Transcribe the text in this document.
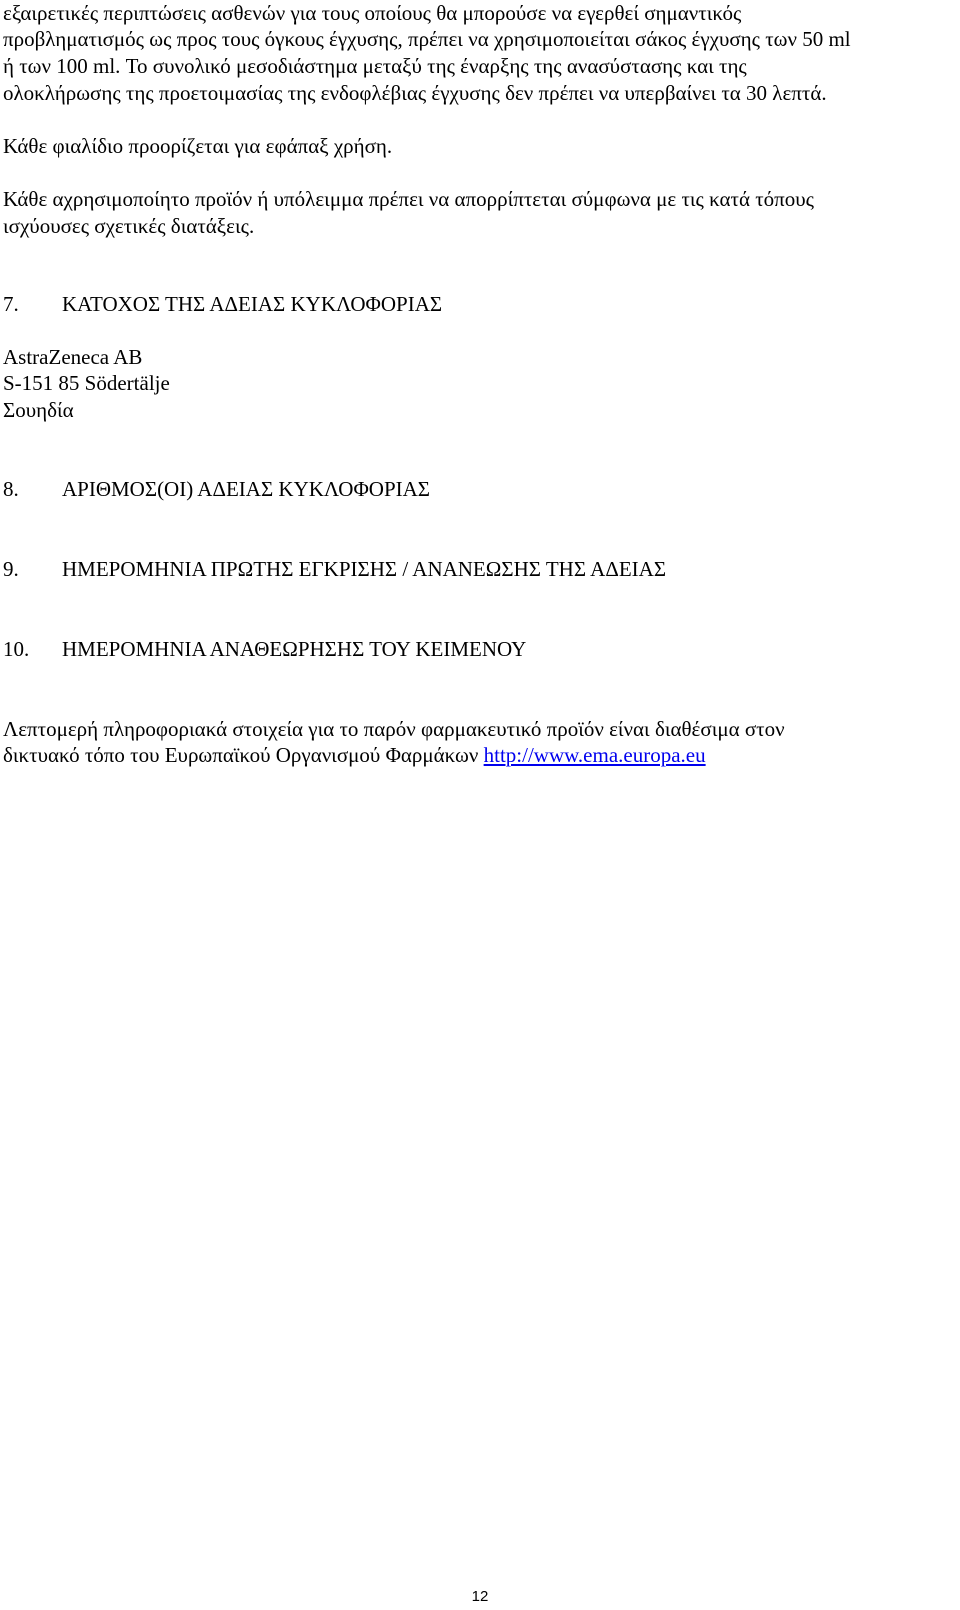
εξαιρετικές περιπτώσεις ασθενών για τους οποίους θα μπορούσε να εγερθεί σημαντικός
προβληματισμός ως προς τους όγκους έγχυσης, πρέπει να χρησιμοποιείται σάκος έγχυσης των 50 ml
ή των 100 ml. Το συνολικό μεσοδιάστημα μεταξύ της έναρξης της ανασύστασης και της
ολοκλήρωσης της προετοιμασίας της ενδοφλέβιας έγχυσης δεν πρέπει να υπερβαίνει τα 30 λεπτά.
Κάθε φιαλίδιο προορίζεται για εφάπαξ χρήση.
Κάθε αχρησιμοποίητο προϊόν ή υπόλειμμα πρέπει να απορρίπτεται σύμφωνα με τις κατά τόπους
ισχύουσες σχετικές διατάξεις.
7. ΚΑΤΟΧΟΣ ΤΗΣ ΑΔΕΙΑΣ ΚΥΚΛΟΦΟΡΙΑΣ
AstraZeneca AB
S-151 85 Södertälje
Σουηδία
8. ΑΡΙΘΜΟΣ(ΟΙ) ΑΔΕΙΑΣ ΚΥΚΛΟΦΟΡΙΑΣ
9. ΗΜΕΡΟΜΗΝΙΑ ΠΡΩΤΗΣ ΕΓΚΡΙΣΗΣ / ΑΝΑΝΕΩΣΗΣ ΤΗΣ ΑΔΕΙΑΣ
10. ΗΜΕΡΟΜΗΝΙΑ ΑΝΑΘΕΩΡΗΣΗΣ ΤΟΥ ΚΕΙΜΕΝΟΥ
Λεπτομερή πληροφοριακά στοιχεία για το παρόν φαρμακευτικό προϊόν είναι διαθέσιμα στον
δικτυακό τόπο του Ευρωπαϊκού Οργανισμού Φαρμάκων http://www.ema.europa.eu
12
